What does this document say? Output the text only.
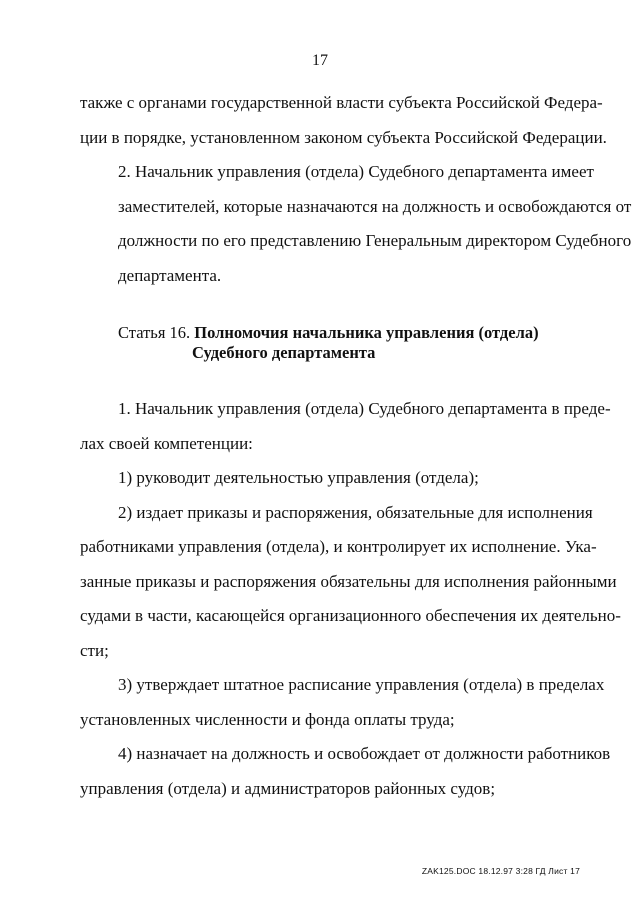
17
также с органами государственной власти субъекта Российской Федера-
ции в порядке, установленном законом субъекта Российской Федерации.
2. Начальник управления (отдела) Судебного департамента имеет
заместителей, которые назначаются на должность и освобождаются от
должности по его представлению Генеральным директором Судебного
департамента.
Статья 16. Полномочия начальника управления (отдела)
Судебного департамента
1. Начальник управления (отдела) Судебного департамента в преде-
лах своей компетенции:
1) руководит деятельностью управления (отдела);
2) издает приказы и распоряжения, обязательные для исполнения
работниками управления (отдела), и контролирует их исполнение. Ука-
занные приказы и распоряжения обязательны для исполнения районными
судами в части, касающейся организационного обеспечения их деятельно-
сти;
3) утверждает штатное расписание управления (отдела) в пределах
установленных численности и фонда оплаты труда;
4) назначает на должность и освобождает от должности работников
управления (отдела) и администраторов районных судов;
ZAK125.DOC 18.12.97 3:28 ГД Лист 17
